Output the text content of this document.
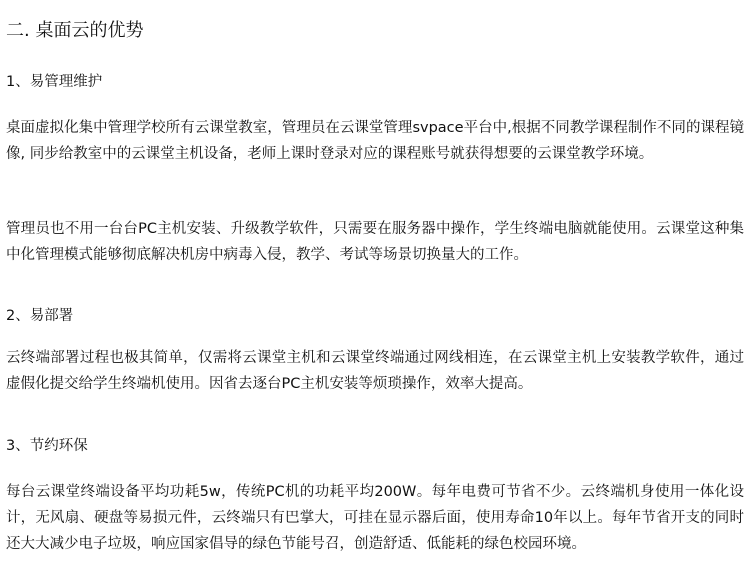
二. 桌面云的优势

1、易管理维护

桌面虚拟化集中管理学校所有云课堂教室，管理员在云课堂管理svpace平台中,根据不同教学课程制作不同的课程镜像, 同步给教室中的云课堂主机设备，老师上课时登录对应的课程账号就获得想要的云课堂教学环境。

管理员也不用一台台PC主机安装、升级教学软件，只需要在服务器中操作，学生终端电脑就能使用。云课堂这种集中化管理模式能够彻底解决机房中病毒入侵，教学、考试等场景切换量大的工作。

2、易部署

云终端部署过程也极其简单，仅需将云课堂主机和云课堂终端通过网线相连，在云课堂主机上安装教学软件，通过虚假化提交给学生终端机使用。因省去逐台PC主机安装等烦琐操作，效率大提高。

3、节约环保

每台云课堂终端设备平均功耗5w，传统PC机的功耗平均200W。每年电费可节省不少。云终端机身使用一体化设计，无风扇、硬盘等易损元件，云终端只有巴掌大，可挂在显示器后面，使用寿命10年以上。每年节省开支的同时还大大减少电子垃圾，响应国家倡导的绿色节能号召，创造舒适、低能耗的绿色校园环境。
